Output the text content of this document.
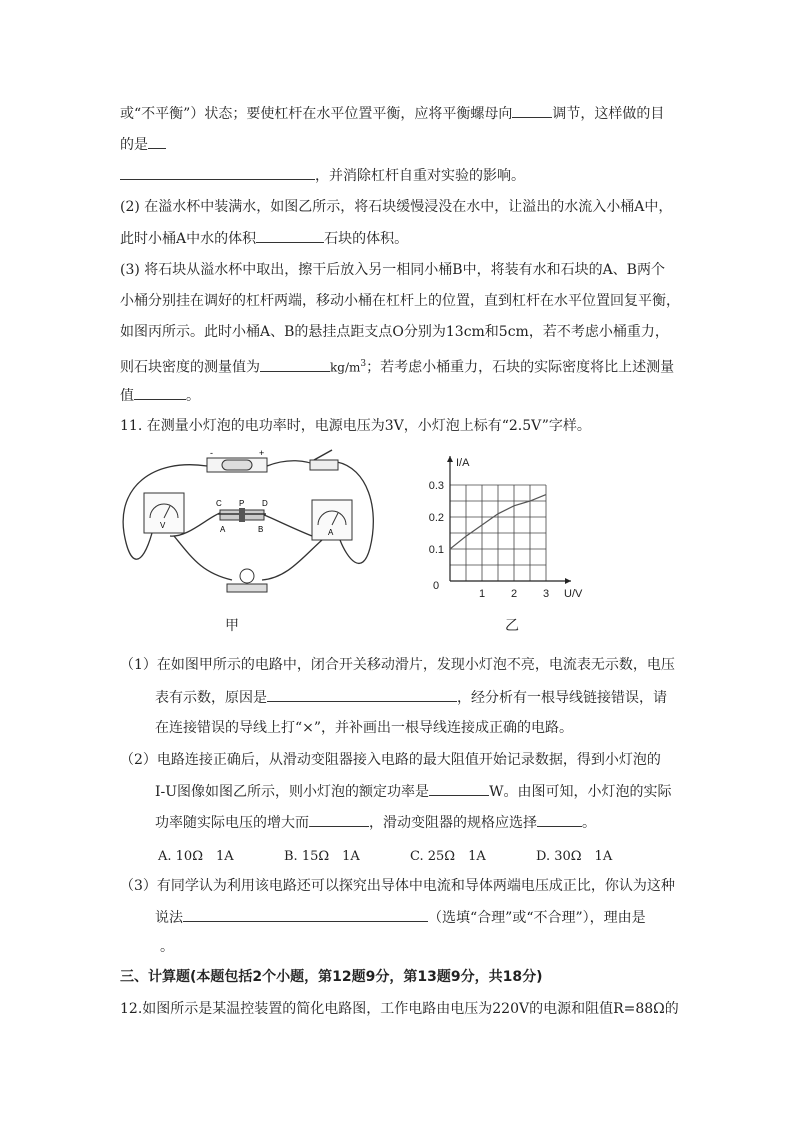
或“不平衡”）状态；要使杠杆在水平位置平衡，应将平衡螺母向	调节，这样做的目
的是
，并消除杠杆自重对实验的影响。
(2) 在溢水杯中装满水，如图乙所示，将石块缓慢浸没在水中，让溢出的水流入小桶A中，
此时小桶A中水的体积	石块的体积。
(3) 将石块从溢水杯中取出，擦干后放入另一相同小桶B中，将装有水和石块的A、B两个
小桶分别挂在调好的杠杆两端，移动小桶在杠杆上的位置，直到杠杆在水平位置回复平衡，
如图丙所示。此时小桶A、B的悬挂点距支点O分别为13cm和5cm，若不考虑小桶重力，
则石块密度的测量值为	$kg/m^3$；若考虑小桶重力，石块的实际密度将比上述测量
值	。
11. 在测量小灯泡的电功率时，电源电压为3V，小灯泡上标有“2.5V”字样。
-	+
V
A
C P D
A	B
甲
1 2 3
0.1
0.2
0.3
0
I/A
U/V
乙
（1）在如图甲所示的电路中，闭合开关移动滑片，发现小灯泡不亮，电流表无示数，电压
表有示数，原因是	，经分析有一根导线链接错误，请
在连接错误的导线上打“×”，并补画出一根导线连接成正确的电路。
（2）电路连接正确后，从滑动变阻器接入电路的最大阻值开始记录数据，得到小灯泡的
I-U图像如图乙所示，则小灯泡的额定功率是	W。由图可知，小灯泡的实际
功率随实际电压的增大而	，滑动变阻器的规格应选择	。
A. 10Ω　1A	B. 15Ω　1A	C. 25Ω　1A	D. 30Ω　1A
（3）有同学认为利用该电路还可以探究出导体中电流和导体两端电压成正比，你认为这种
说法	（选填“合理”或“不合理”），理由是
。
三、计算题(本题包括2个小题，第12题9分，第13题9分，共18分)
12.如图所示是某温控装置的简化电路图，工作电路由电压为220V的电源和阻值R=88Ω的
